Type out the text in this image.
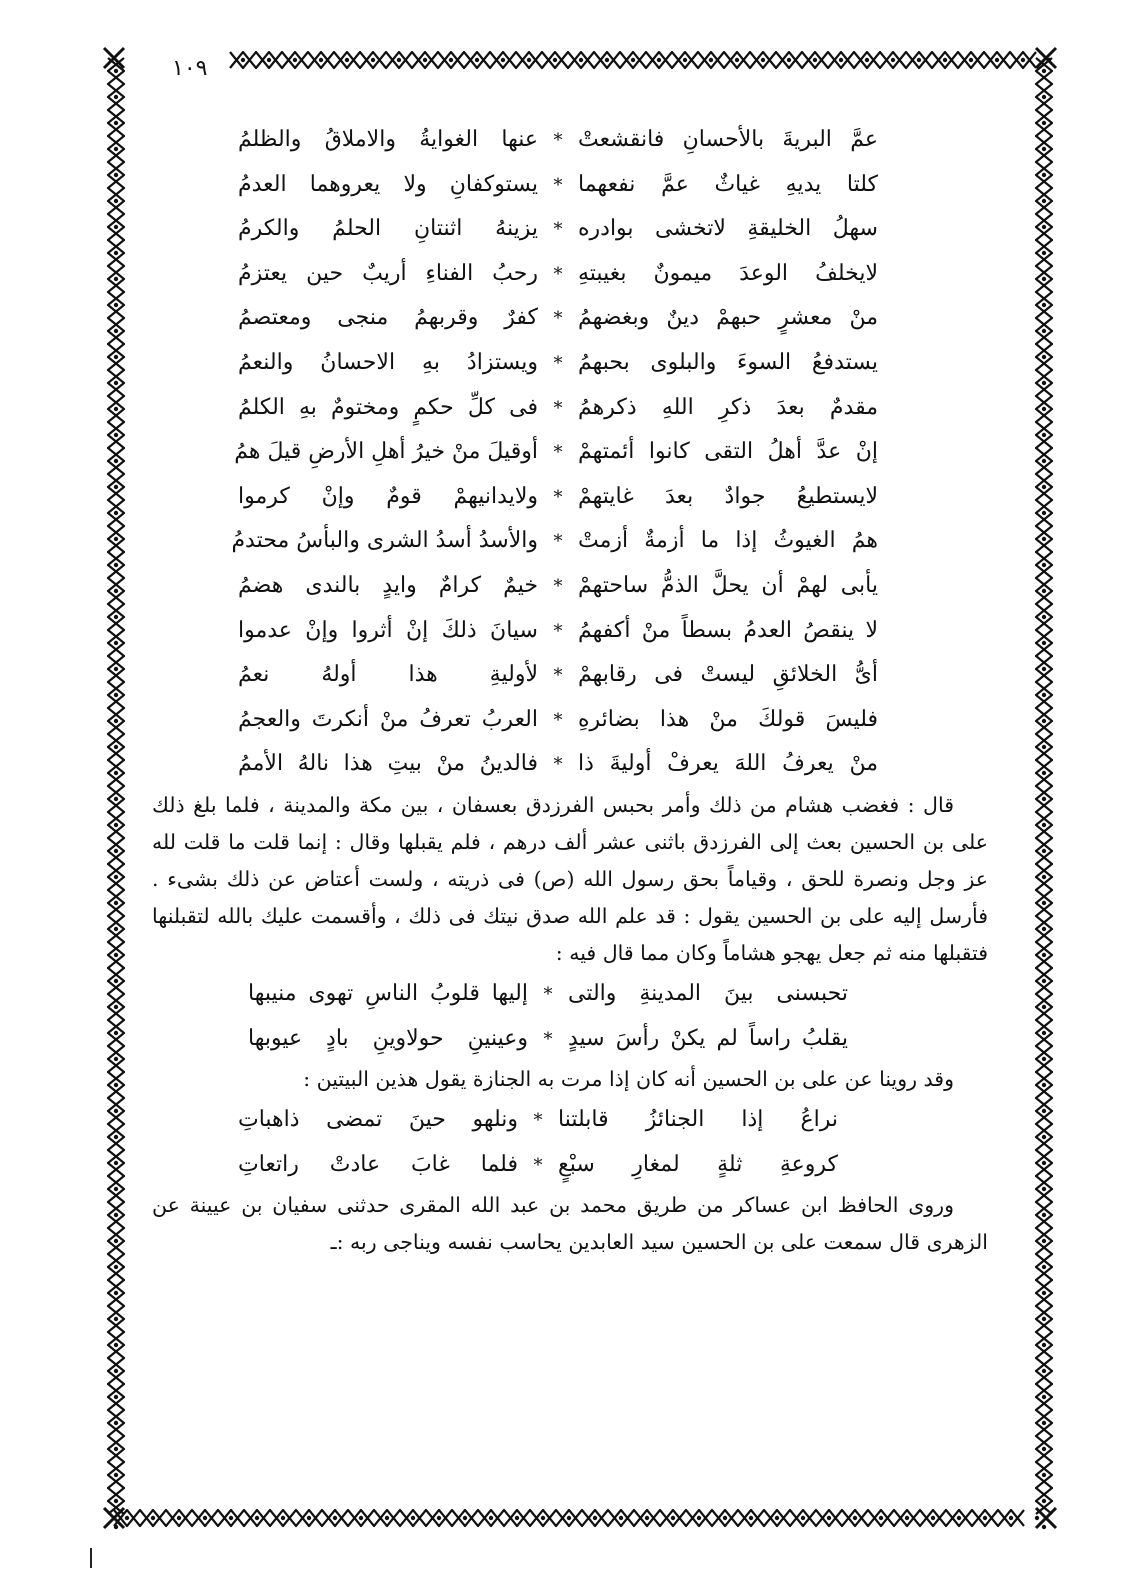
١٠٩
عمَّ البريةَ بالأحسانِ فانقشعتْ
*
عنها الغوايةُ والاملاقُ والظلمُ
كلتا يديهِ غياثٌ عمَّ نفعهما
*
يستوكفانِ ولا يعروهما العدمُ
سهلُ الخليقةِ لاتخشى بوادره
*
يزينهُ اثنتانِ الحلمُ والكرمُ
لايخلفُ الوعدَ ميمونٌ بغيبتهِ
*
رحبُ الفناءِ أريبٌ حين يعتزمُ
منْ معشرٍ حبهمْ دينٌ وبغضهمُ
*
كفرٌ وقربهمُ منجى ومعتصمُ
يستدفعُ السوءَ والبلوى بحبهمُ
*
ويستزادُ بهِ الاحسانُ والنعمُ
مقدمٌ بعدَ ذكرِ اللهِ ذكرهمُ
*
فى كلِّ حكمٍ ومختومٌ بهِ الكلمُ
إنْ عدَّ أهلُ التقى كانوا أئمتهمْ
*
أوقيلَ منْ خيرُ أهلِ الأرضِ قيلَ همُ
لايستطيعُ جوادٌ بعدَ غايتهمْ
*
ولايدانيهمْ قومٌ وإنْ كرموا
همُ الغيوثُ إذا ما أزمةٌ أزمتْ
*
والأسدُ أسدُ الشرى والبأسُ محتدمُ
يأبى لهمْ أن يحلَّ الذمُّ ساحتهمْ
*
خيمٌ كرامٌ وايدٍ بالندى هضمُ
لا ينقصُ العدمُ بسطاً منْ أكفهمُ
*
سيانَ ذلكَ إنْ أثروا وإنْ عدموا
أىُّ الخلائقِ ليستْ فى رقابهمْ
*
لأوليةِ هذا أولهُ نعمُ
فليسَ قولكَ منْ هذا بضائرهِ
*
العربُ تعرفُ منْ أنكرتَ والعجمُ
منْ يعرفُ اللهَ يعرفْ أوليةَ ذا
*
فالدينُ منْ بيتِ هذا نالهُ الأممُ
قال : فغضب هشام من ذلك وأمر بحبس الفرزدق بعسفان ، بين مكة والمدينة ، فلما بلغ ذلك
على بن الحسين بعث إلى الفرزدق باثنى عشر ألف درهم ، فلم يقبلها وقال : إنما قلت ما قلت لله
عز وجل ونصرة للحق ، وقياماً بحق رسول الله (ص) فى ذريته ، ولست أعتاض عن ذلك بشىء .
فأرسل إليه على بن الحسين يقول : قد علم الله صدق نيتك فى ذلك ، وأقسمت عليك بالله لتقبلنها
فتقبلها منه ثم جعل يهجو هشاماً وكان مما قال فيه :
تحبسنى بينَ المدينةِ والتى
*
إليها قلوبُ الناسِ تهوى منيبها
يقلبُ راساً لم يكنْ رأسَ سيدٍ
*
وعينينِ حولاوينِ بادٍ عيوبها
وقد روينا عن على بن الحسين أنه كان إذا مرت به الجنازة يقول هذين البيتين :
نراعُ إذا الجنائزُ قابلتنا
*
ونلهو حينَ تمضى ذاهباتِ
كروعةِ ثلةٍ لمغارِ سبْعٍ
*
فلما غابَ عادتْ راتعاتِ
وروى الحافظ ابن عساكر من طريق محمد بن عبد الله المقرى حدثنى سفيان بن عيينة عن
الزهرى قال سمعت على بن الحسين سيد العابدين يحاسب نفسه ويناجى ربه :ـ
